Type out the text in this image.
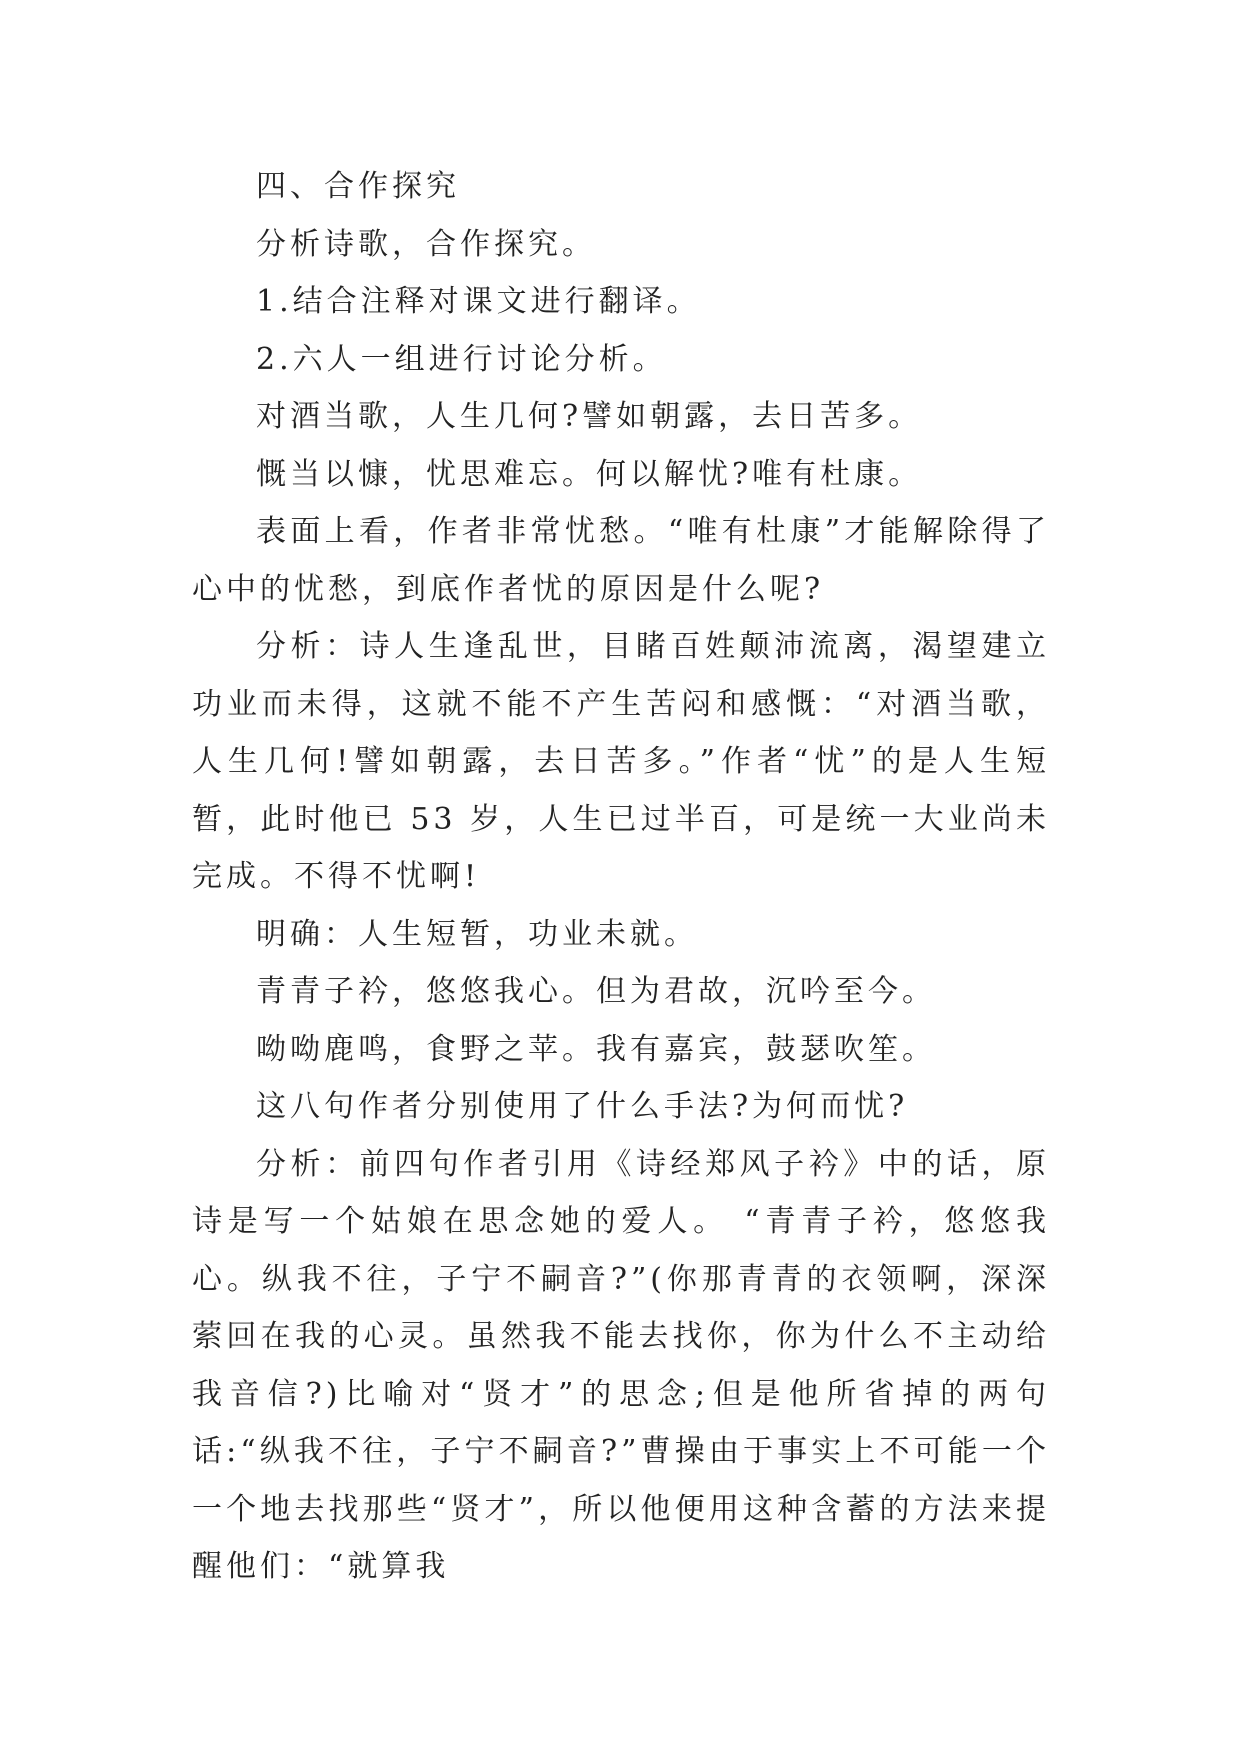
四、合作探究

分析诗歌，合作探究。

1.结合注释对课文进行翻译。

2.六人一组进行讨论分析。

对酒当歌，人生几何?譬如朝露，去日苦多。

慨当以慷，忧思难忘。何以解忧?唯有杜康。

表面上看，作者非常忧愁。“唯有杜康”才能解除得了心中的忧愁，到底作者忧的原因是什么呢?

分析：诗人生逢乱世，目睹百姓颠沛流离，渴望建立功业而未得，这就不能不产生苦闷和感慨：“对酒当歌，人生几何!譬如朝露，去日苦多。”作者“忧”的是人生短暂，此时他已 53 岁，人生已过半百，可是统一大业尚未完成。不得不忧啊!

明确：人生短暂，功业未就。

青青子衿，悠悠我心。但为君故，沉吟至今。

呦呦鹿鸣，食野之苹。我有嘉宾，鼓瑟吹笙。

这八句作者分别使用了什么手法?为何而忧?

分析：前四句作者引用《诗经郑风子衿》中的话，原诗是写一个姑娘在思念她的爱人。 “青青子衿，悠悠我心。纵我不往，子宁不嗣音?”(你那青青的衣领啊，深深萦回在我的心灵。虽然我不能去找你，你为什么不主动给我音信?)比喻对“贤才”的思念;但是他所省掉的两句话:“纵我不往，子宁不嗣音?”曹操由于事实上不可能一个一个地去找那些“贤才”，所以他便用这种含蓄的方法来提醒他们：“就算我
